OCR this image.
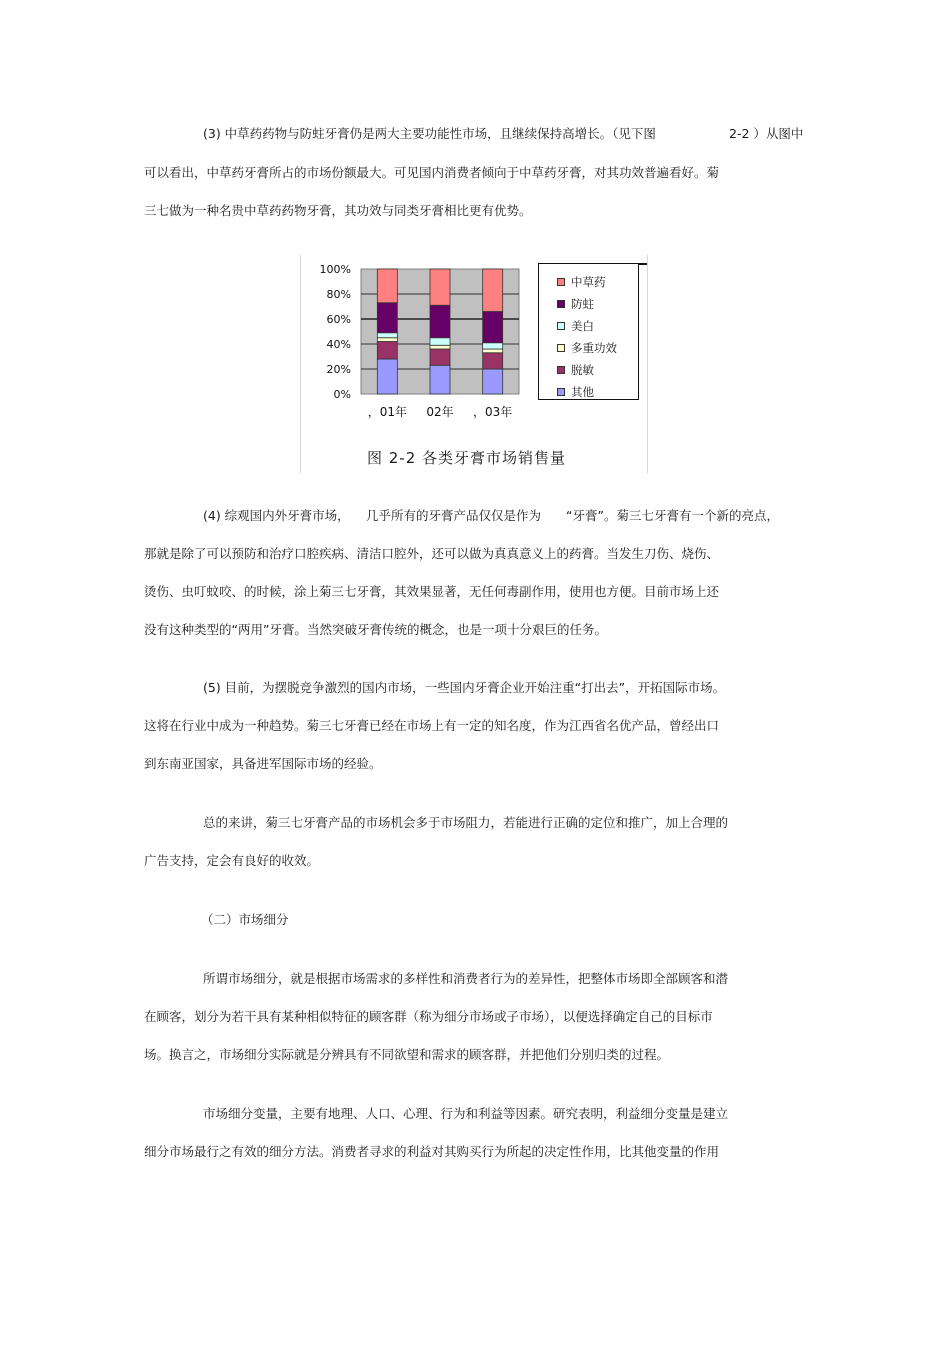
(3) 中草药药物与防蛀牙膏仍是两大主要功能性市场，且继续保持高增长。（见下图	2-2 ）从图中
可以看出，中草药牙膏所占的市场份额最大。可见国内消费者倾向于中草药牙膏，对其功效普遍看好。菊
三七做为一种名贵中草药药物牙膏，其功效与同类牙膏相比更有优势。
100%
80%
60%
40%
20%
0%
，01年 02年 ，03年
中草药
防蛀
美白
多重功效
脱敏
其他
图 2-2 各类牙膏市场销售量
(4) 综观国内外牙膏市场， 几乎所有的牙膏产品仅仅是作为 “牙膏”。菊三七牙膏有一个新的亮点，
那就是除了可以预防和治疗口腔疾病、清洁口腔外，还可以做为真真意义上的药膏。当发生刀伤、烧伤、
烫伤、虫叮蚊咬、的时候，涂上菊三七牙膏，其效果显著，无任何毒副作用，使用也方便。目前市场上还
没有这种类型的“两用”牙膏。当然突破牙膏传统的概念，也是一项十分艰巨的任务。
(5) 目前，为摆脱竞争激烈的国内市场，一些国内牙膏企业开始注重“打出去”，开拓国际市场。
这将在行业中成为一种趋势。菊三七牙膏已经在市场上有一定的知名度，作为江西省名优产品，曾经出口
到东南亚国家，具备进军国际市场的经验。
总的来讲，菊三七牙膏产品的市场机会多于市场阻力，若能进行正确的定位和推广，加上合理的
广告支持，定会有良好的收效。
（二）市场细分
所谓市场细分，就是根据市场需求的多样性和消费者行为的差异性，把整体市场即全部顾客和潜
在顾客，划分为若干具有某种相似特征的顾客群（称为细分市场或子市场），以便选择确定自己的目标市
场。换言之，市场细分实际就是分辨具有不同欲望和需求的顾客群，并把他们分别归类的过程。
市场细分变量，主要有地理、人口、心理、行为和利益等因素。研究表明，利益细分变量是建立
细分市场最行之有效的细分方法。消费者寻求的利益对其购买行为所起的决定性作用，比其他变量的作用
